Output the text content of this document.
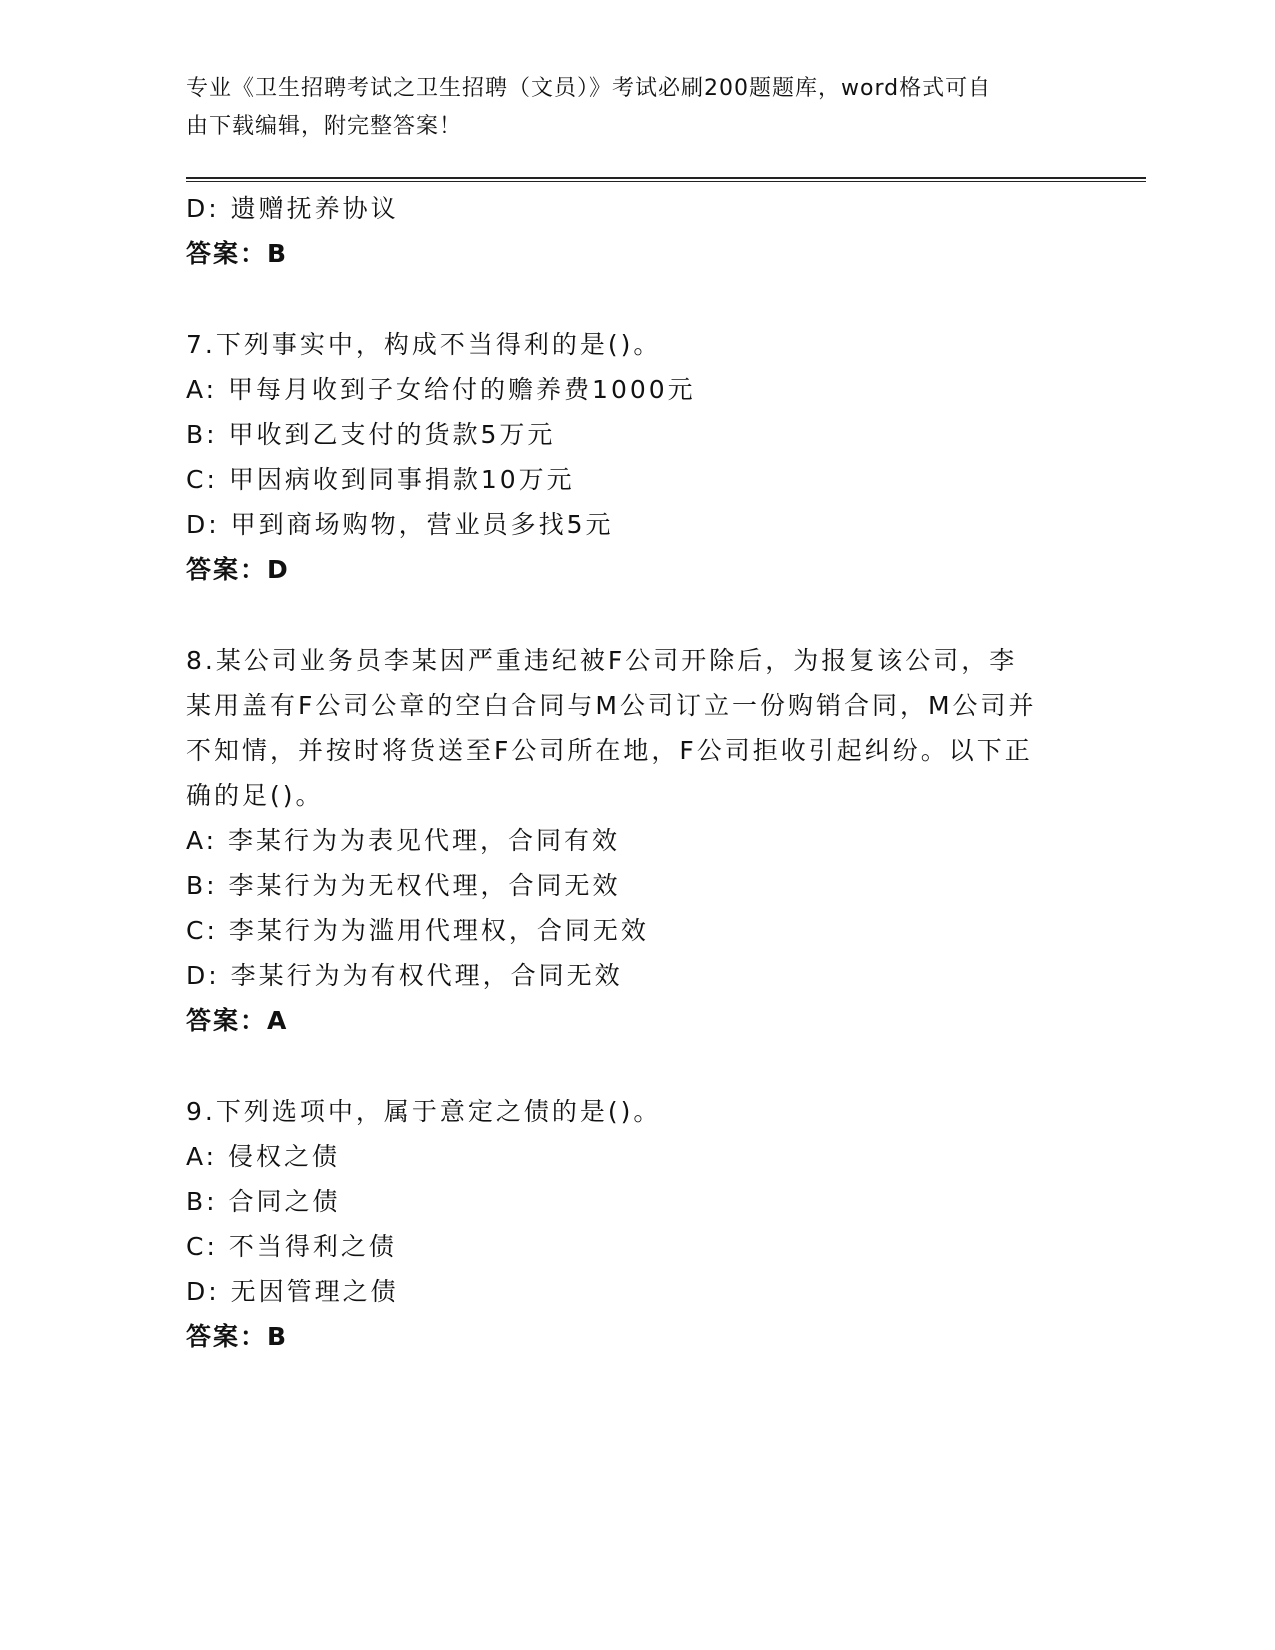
专业《卫生招聘考试之卫生招聘（文员）》考试必刷200题题库，word格式可自

由下载编辑，附完整答案！

D: 遗赠抚养协议

答案：B

7.下列事实中，构成不当得利的是()。

A: 甲每月收到子女给付的赡养费1000元

B: 甲收到乙支付的货款5万元

C: 甲因病收到同事捐款10万元

D: 甲到商场购物，营业员多找5元

答案：D

8.某公司业务员李某因严重违纪被F公司开除后，为报复该公司，李

某用盖有F公司公章的空白合同与M公司订立一份购销合同，M公司并

不知情，并按时将货送至F公司所在地，F公司拒收引起纠纷。以下正

确的足()。

A: 李某行为为表见代理，合同有效

B: 李某行为为无权代理，合同无效

C: 李某行为为滥用代理权，合同无效

D: 李某行为为有权代理，合同无效

答案：A

9.下列选项中，属于意定之债的是()。

A: 侵权之债

B: 合同之债

C: 不当得利之债

D: 无因管理之债

答案：B
